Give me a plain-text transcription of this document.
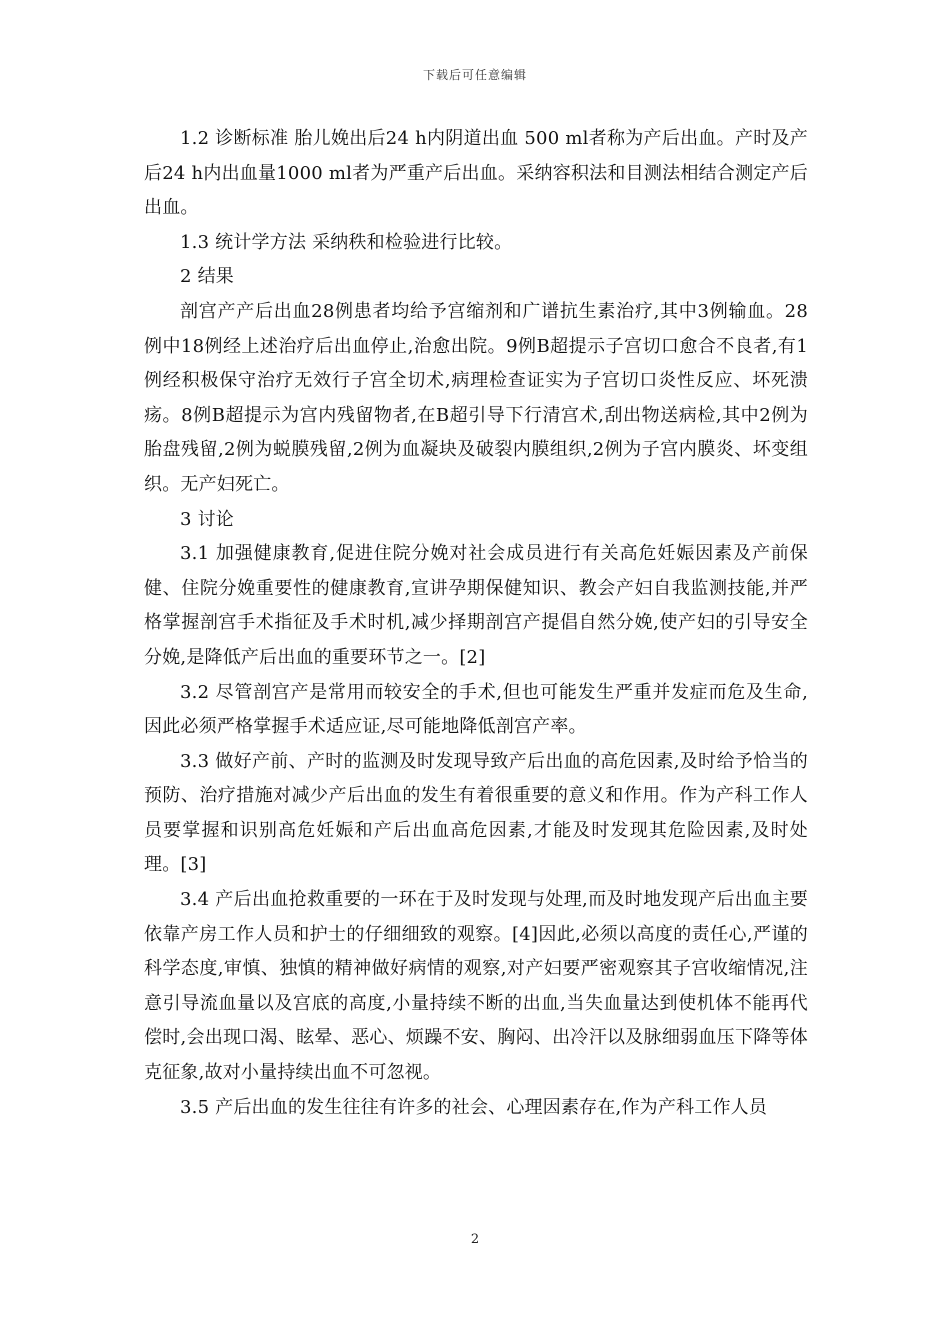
下载后可任意编辑

1.2 诊断标准 胎儿娩出后24 h内阴道出血 500 ml者称为产后出血。产时及产后24 h内出血量1000 ml者为严重产后出血。采纳容积法和目测法相结合测定产后出血。

1.3 统计学方法 采纳秩和检验进行比较。

2 结果

剖宫产产后出血28例患者均给予宫缩剂和广谱抗生素治疗,其中3例输血。28例中18例经上述治疗后出血停止,治愈出院。9例B超提示子宫切口愈合不良者,有1例经积极保守治疗无效行子宫全切术,病理检查证实为子宫切口炎性反应、坏死溃疡。8例B超提示为宫内残留物者,在B超引导下行清宫术,刮出物送病检,其中2例为胎盘残留,2例为蜕膜残留,2例为血凝块及破裂内膜组织,2例为子宫内膜炎、坏变组织。无产妇死亡。

3 讨论

3.1 加强健康教育,促进住院分娩对社会成员进行有关高危妊娠因素及产前保健、住院分娩重要性的健康教育,宣讲孕期保健知识、教会产妇自我监测技能,并严格掌握剖宫手术指征及手术时机,减少择期剖宫产提倡自然分娩,使产妇的引导安全分娩,是降低产后出血的重要环节之一。[2]

3.2 尽管剖宫产是常用而较安全的手术,但也可能发生严重并发症而危及生命,因此必须严格掌握手术适应证,尽可能地降低剖宫产率。

3.3 做好产前、产时的监测及时发现导致产后出血的高危因素,及时给予恰当的预防、治疗措施对减少产后出血的发生有着很重要的意义和作用。作为产科工作人员要掌握和识别高危妊娠和产后出血高危因素,才能及时发现其危险因素,及时处理。[3]

3.4 产后出血抢救重要的一环在于及时发现与处理,而及时地发现产后出血主要依靠产房工作人员和护士的仔细细致的观察。[4]因此,必须以高度的责任心,严谨的科学态度,审慎、独慎的精神做好病情的观察,对产妇要严密观察其子宫收缩情况,注意引导流血量以及宫底的高度,小量持续不断的出血,当失血量达到使机体不能再代偿时,会出现口渴、眩晕、恶心、烦躁不安、胸闷、出冷汗以及脉细弱血压下降等体克征象,故对小量持续出血不可忽视。

3.5 产后出血的发生往往有许多的社会、心理因素存在,作为产科工作人员

2
